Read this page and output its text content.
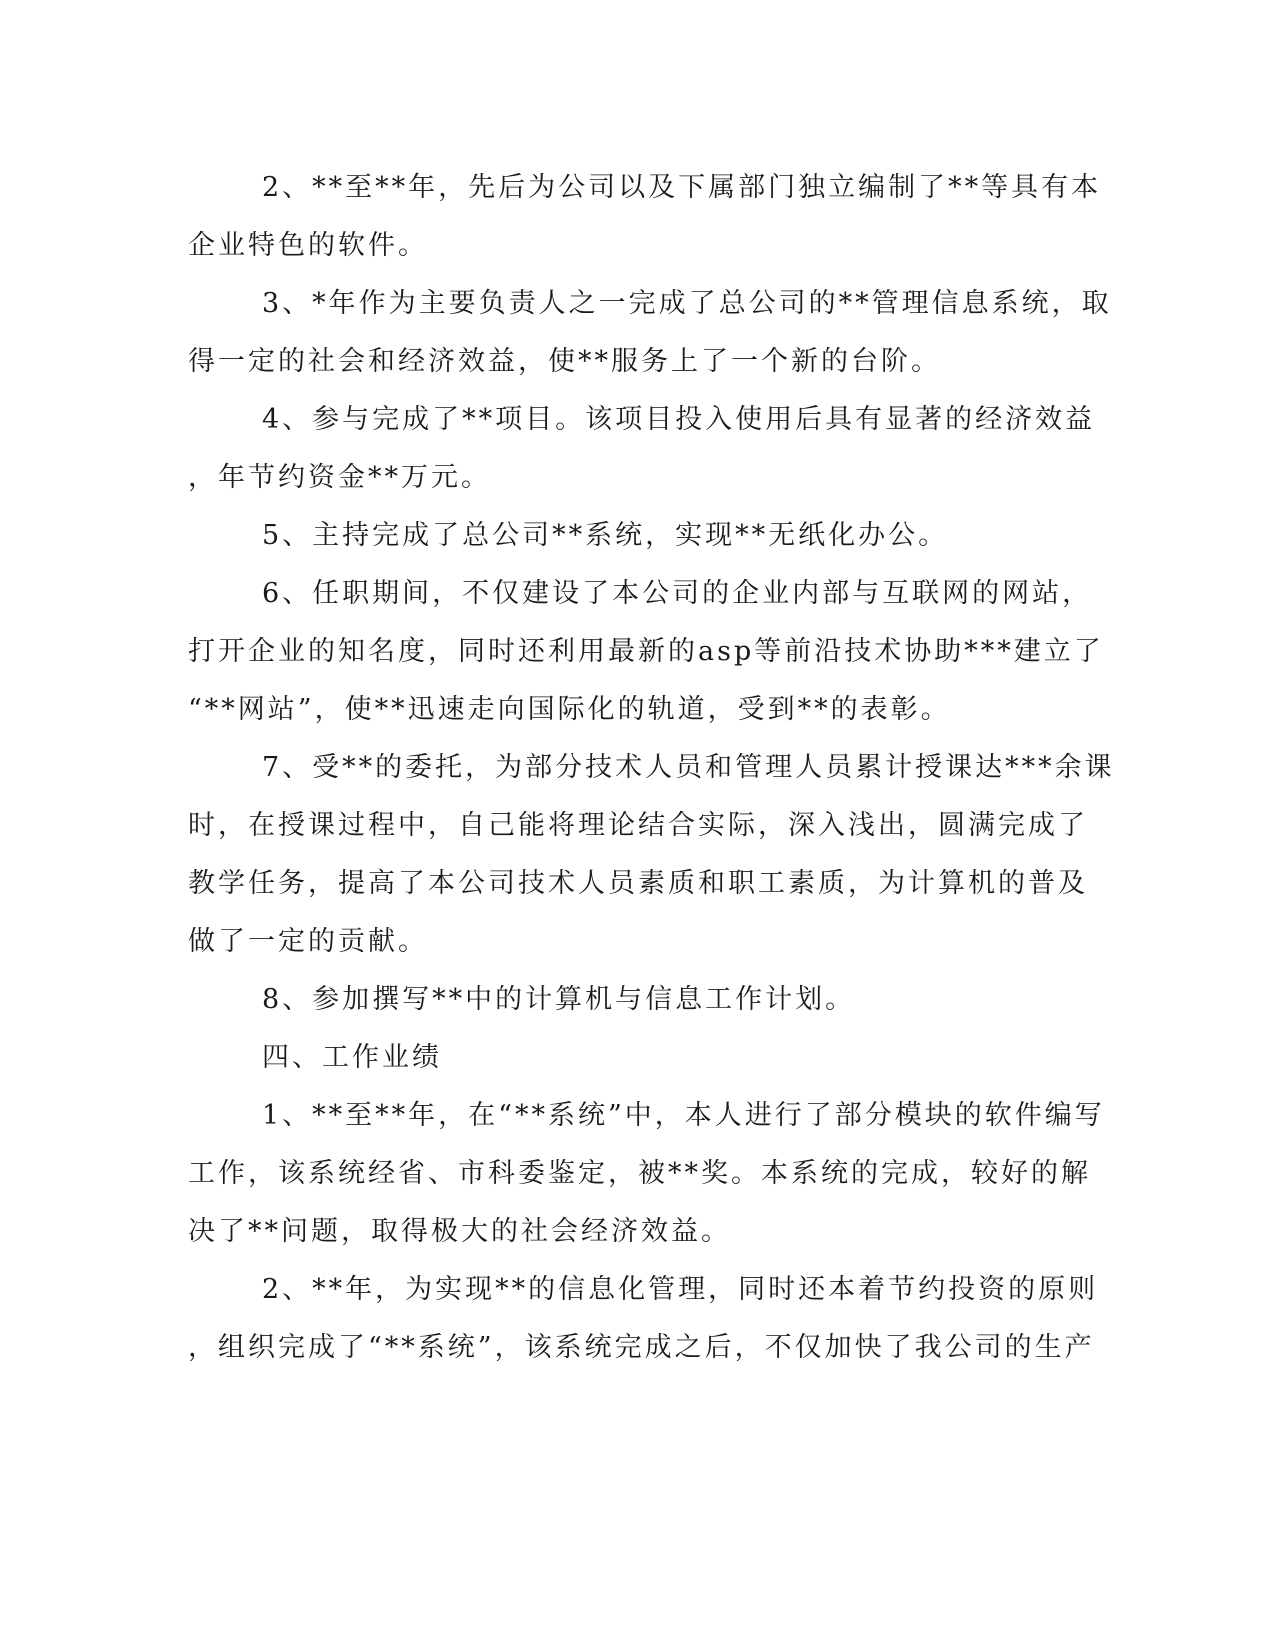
2、**至**年，先后为公司以及下属部门独立编制了**等具有本
企业特色的软件。
3、*年作为主要负责人之一完成了总公司的**管理信息系统，取
得一定的社会和经济效益，使**服务上了一个新的台阶。
4、参与完成了**项目。该项目投入使用后具有显著的经济效益
，年节约资金**万元。
5、主持完成了总公司**系统，实现**无纸化办公。
6、任职期间，不仅建设了本公司的企业内部与互联网的网站，
打开企业的知名度，同时还利用最新的asp等前沿技术协助***建立了
“**网站”，使**迅速走向国际化的轨道，受到**的表彰。
7、受**的委托，为部分技术人员和管理人员累计授课达***余课
时，在授课过程中，自己能将理论结合实际，深入浅出，圆满完成了
教学任务，提高了本公司技术人员素质和职工素质，为计算机的普及
做了一定的贡献。
8、参加撰写**中的计算机与信息工作计划。
四、工作业绩
1、**至**年，在“**系统”中，本人进行了部分模块的软件编写
工作，该系统经省、市科委鉴定，被**奖。本系统的完成，较好的解
决了**问题，取得极大的社会经济效益。
2、**年，为实现**的信息化管理，同时还本着节约投资的原则
，组织完成了“**系统”，该系统完成之后，不仅加快了我公司的生产
